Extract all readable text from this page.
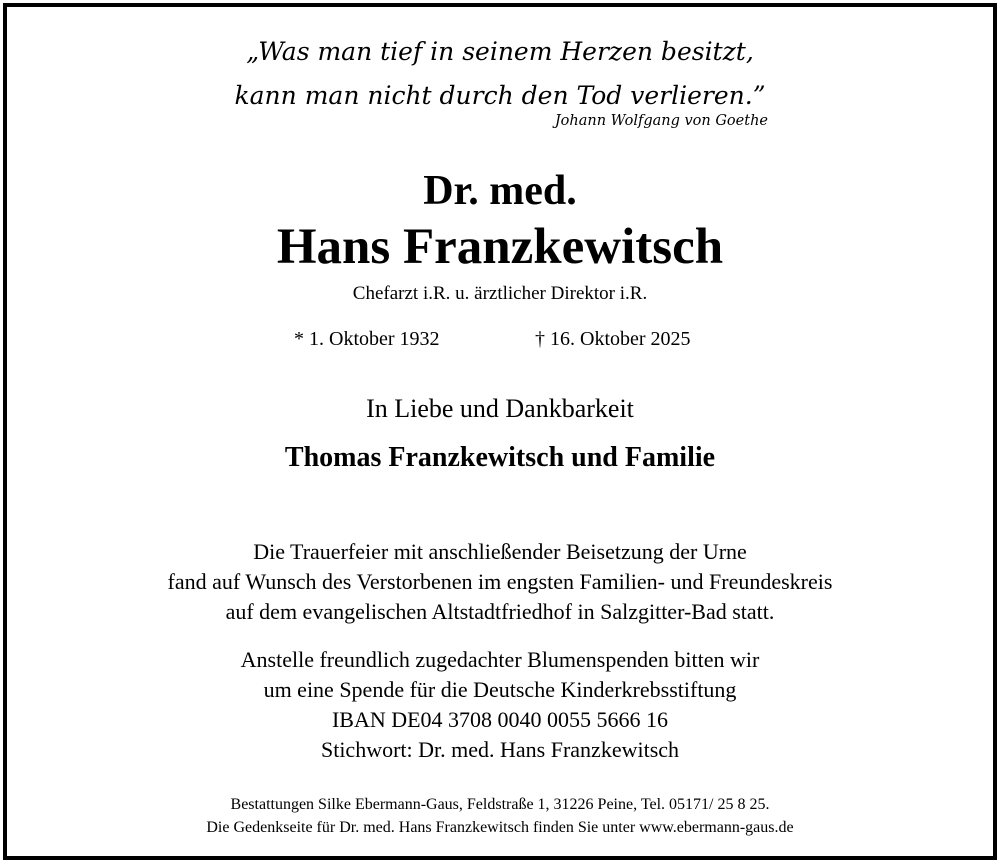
„Was man tief in seinem Herzen besitzt,
kann man nicht durch den Tod verlieren.”
Johann Wolfgang von Goethe
Dr. med.
Hans Franzkewitsch
Chefarzt i.R. u. ärztlicher Direktor i.R.
* 1. Oktober 1932	† 16. Oktober 2025
In Liebe und Dankbarkeit
Thomas Franzkewitsch und Familie
Die Trauerfeier mit anschließender Beisetzung der Urne
fand auf Wunsch des Verstorbenen im engsten Familien- und Freundeskreis
auf dem evangelischen Altstadtfriedhof in Salzgitter-Bad statt.
Anstelle freundlich zugedachter Blumenspenden bitten wir
um eine Spende für die Deutsche Kinderkrebsstiftung
IBAN DE04 3708 0040 0055 5666 16
Stichwort: Dr. med. Hans Franzkewitsch
Bestattungen Silke Ebermann-Gaus, Feldstraße 1, 31226 Peine, Tel. 05171/ 25 8 25.
Die Gedenkseite für Dr. med. Hans Franzkewitsch finden Sie unter www.ebermann-gaus.de
